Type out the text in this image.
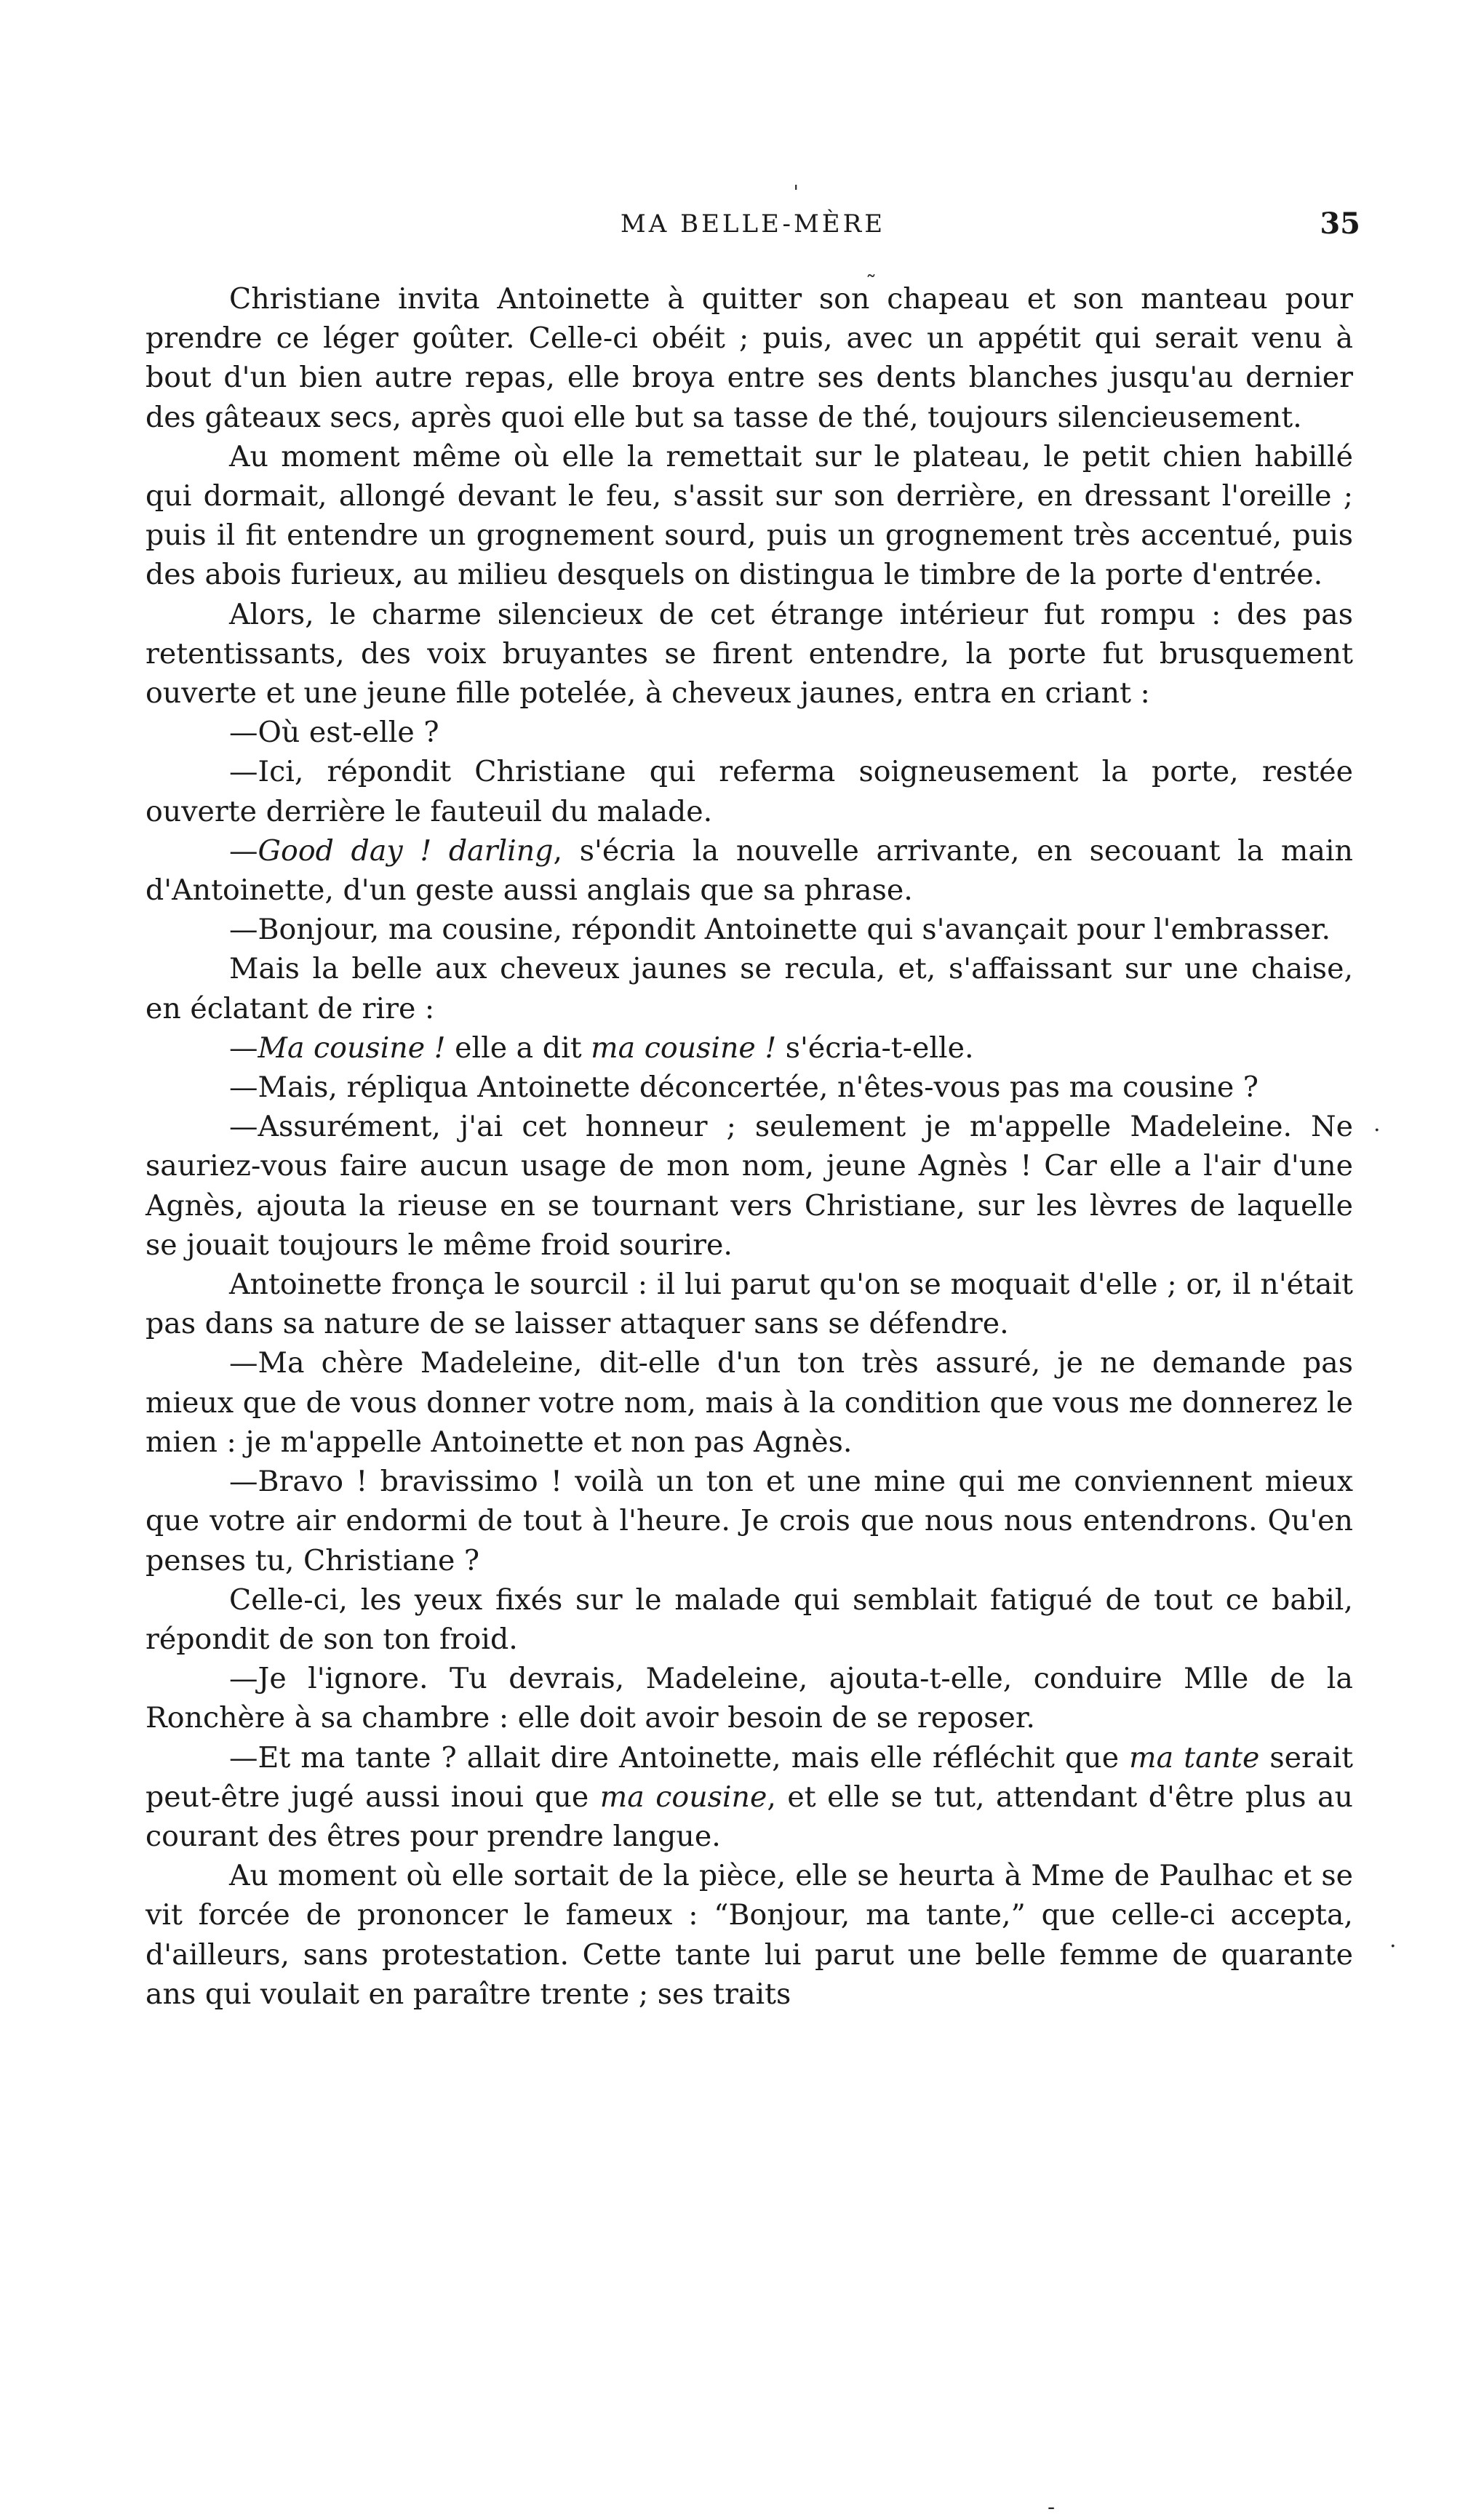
MA BELLE-MÈRE	35

Christiane invita Antoinette à quitter son chapeau et son manteau pour prendre ce léger goûter. Celle-ci obéit ; puis, avec un appétit qui serait venu à bout d'un bien autre repas, elle broya entre ses dents blanches jusqu'au dernier des gâteaux secs, après quoi elle but sa tasse de thé, toujours silencieusement.

Au moment même où elle la remettait sur le plateau, le petit chien habillé qui dormait, allongé devant le feu, s'assit sur son derrière, en dressant l'oreille ; puis il fit entendre un grognement sourd, puis un grognement très accentué, puis des abois furieux, au milieu desquels on distingua le timbre de la porte d'entrée.

Alors, le charme silencieux de cet étrange intérieur fut rompu : des pas retentissants, des voix bruyantes se firent entendre, la porte fut brusquement ouverte et une jeune fille potelée, à cheveux jaunes, entra en criant :

—Où est-elle ?

—Ici, répondit Christiane qui referma soigneusement la porte, restée ouverte derrière le fauteuil du malade.

—Good day ! darling, s'écria la nouvelle arrivante, en secouant la main d'Antoinette, d'un geste aussi anglais que sa phrase.

—Bonjour, ma cousine, répondit Antoinette qui s'avançait pour l'embrasser.

Mais la belle aux cheveux jaunes se recula, et, s'affaissant sur une chaise, en éclatant de rire :

—Ma cousine ! elle a dit ma cousine ! s'écria-t-elle.

—Mais, répliqua Antoinette déconcertée, n'êtes-vous pas ma cousine ?

—Assurément, j'ai cet honneur ; seulement je m'appelle Madeleine. Ne sauriez-vous faire aucun usage de mon nom, jeune Agnès ! Car elle a l'air d'une Agnès, ajouta la rieuse en se tournant vers Christiane, sur les lèvres de laquelle se jouait toujours le même froid sourire.

Antoinette fronça le sourcil : il lui parut qu'on se moquait d'elle ; or, il n'était pas dans sa nature de se laisser attaquer sans se défendre.

—Ma chère Madeleine, dit-elle d'un ton très assuré, je ne demande pas mieux que de vous donner votre nom, mais à la condition que vous me donnerez le mien : je m'appelle Antoinette et non pas Agnès.

—Bravo ! bravissimo ! voilà un ton et une mine qui me conviennent mieux que votre air endormi de tout à l'heure. Je crois que nous nous entendrons. Qu'en penses tu, Christiane ?

Celle-ci, les yeux fixés sur le malade qui semblait fatigué de tout ce babil, répondit de son ton froid.

—Je l'ignore. Tu devrais, Madeleine, ajouta-t-elle, conduire Mlle de la Ronchère à sa chambre : elle doit avoir besoin de se reposer.

—Et ma tante ? allait dire Antoinette, mais elle réfléchit que ma tante serait peut-être jugé aussi inoui que ma cousine, et elle se tut, attendant d'être plus au courant des êtres pour prendre langue.

Au moment où elle sortait de la pièce, elle se heurta à Mme de Paulhac et se vit forcée de prononcer le fameux : “Bonjour, ma tante,” que celle-ci accepta, d'ailleurs, sans protestation. Cette tante lui parut une belle femme de quarante ans qui voulait en paraître trente ; ses traits

ˈ
˷
.
.
-
